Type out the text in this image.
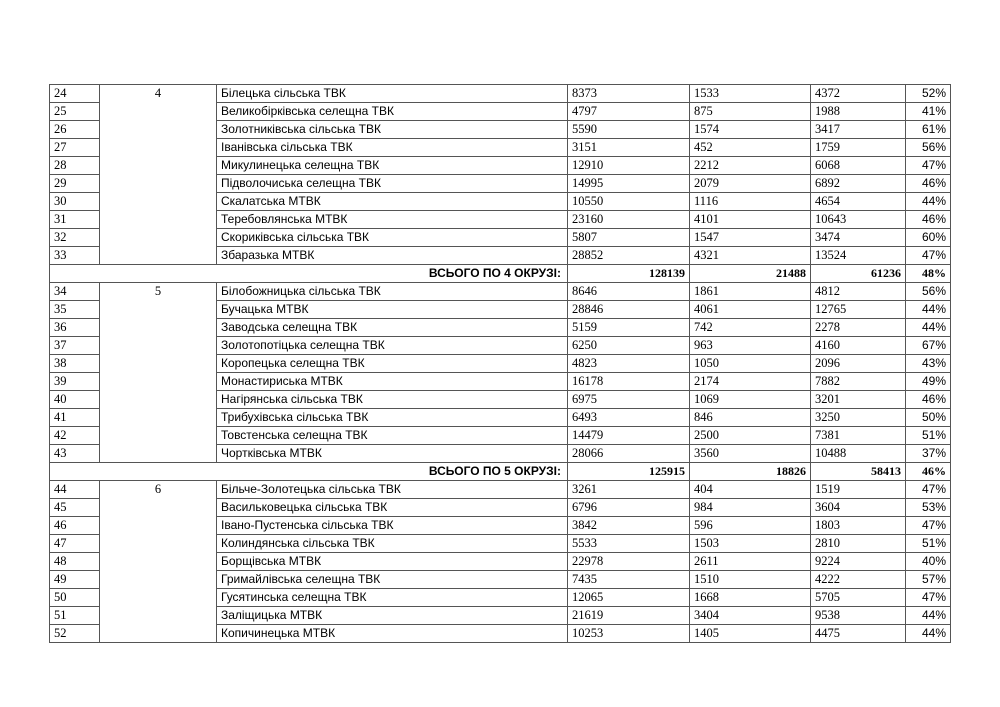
24	4	Білецька сільська ТВК	8373	1533	4372	52%
25		Великобірківська селещна ТВК	4797	875	1988	41%
26		Золотниківська сільська ТВК	5590	1574	3417	61%
27		Іванівська сільська ТВК	3151	452	1759	56%
28		Микулинецька селещна ТВК	12910	2212	6068	47%
29		Підволочиська селещна ТВК	14995	2079	6892	46%
30		Скалатська МТВК	10550	1116	4654	44%
31		Теребовлянська МТВК	23160	4101	10643	46%
32		Скориківська сільська ТВК	5807	1547	3474	60%
33		Збаразька МТВК	28852	4321	13524	47%
ВСЬОГО ПО 4 ОКРУЗІ:			128139	21488	61236	48%
34	5	Білобожницька сільська ТВК	8646	1861	4812	56%
35		Бучацька МТВК	28846	4061	12765	44%
36		Заводська селещна ТВК	5159	742	2278	44%
37		Золотопотіцька селещна ТВК	6250	963	4160	67%
38		Коропецька селещна ТВК	4823	1050	2096	43%
39		Монастириська МТВК	16178	2174	7882	49%
40		Нагірянська сільська ТВК	6975	1069	3201	46%
41		Трибухівська сільська ТВК	6493	846	3250	50%
42		Товстенська селещна ТВК	14479	2500	7381	51%
43		Чортківська МТВК	28066	3560	10488	37%
ВСЬОГО ПО 5 ОКРУЗІ:			125915	18826	58413	46%
44	6	Більче-Золотецька сільська ТВК	3261	404	1519	47%
45		Васильковецька сільська ТВК	6796	984	3604	53%
46		Івано-Пустенська сільська ТВК	3842	596	1803	47%
47		Колиндянська сільська ТВК	5533	1503	2810	51%
48		Борщівська МТВК	22978	2611	9224	40%
49		Гримайлівська селещна ТВК	7435	1510	4222	57%
50		Гусятинська селещна ТВК	12065	1668	5705	47%
51		Заліщицька МТВК	21619	3404	9538	44%
52		Копичинецька МТВК	10253	1405	4475	44%
